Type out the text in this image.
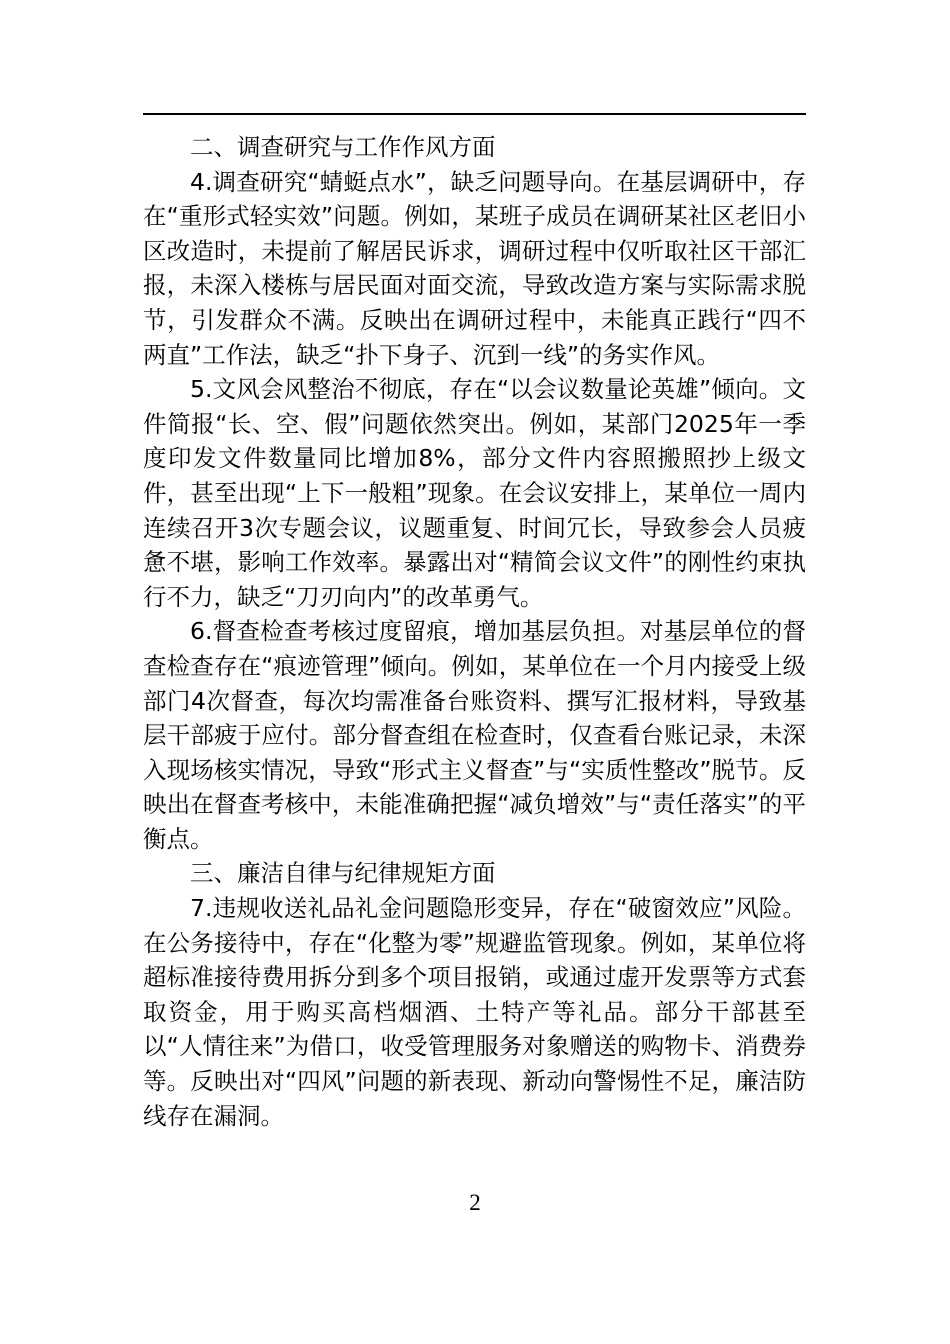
二、调查研究与工作作风方面

4.调查研究“蜻蜓点水”，缺乏问题导向。在基层调研中，存在“重形式轻实效”问题。例如，某班子成员在调研某社区老旧小区改造时，未提前了解居民诉求，调研过程中仅听取社区干部汇报，未深入楼栋与居民面对面交流，导致改造方案与实际需求脱节，引发群众不满。反映出在调研过程中，未能真正践行“四不两直”工作法，缺乏“扑下身子、沉到一线”的务实作风。

5.文风会风整治不彻底，存在“以会议数量论英雄”倾向。文件简报“长、空、假”问题依然突出。例如，某部门2025年一季度印发文件数量同比增加8%，部分文件内容照搬照抄上级文件，甚至出现“上下一般粗”现象。在会议安排上，某单位一周内连续召开3次专题会议，议题重复、时间冗长，导致参会人员疲惫不堪，影响工作效率。暴露出对“精简会议文件”的刚性约束执行不力，缺乏“刀刃向内”的改革勇气。

6.督查检查考核过度留痕，增加基层负担。对基层单位的督查检查存在“痕迹管理”倾向。例如，某单位在一个月内接受上级部门4次督查，每次均需准备台账资料、撰写汇报材料，导致基层干部疲于应付。部分督查组在检查时，仅查看台账记录，未深入现场核实情况，导致“形式主义督查”与“实质性整改”脱节。反映出在督查考核中，未能准确把握“减负增效”与“责任落实”的平衡点。

三、廉洁自律与纪律规矩方面

7.违规收送礼品礼金问题隐形变异，存在“破窗效应”风险。在公务接待中，存在“化整为零”规避监管现象。例如，某单位将超标准接待费用拆分到多个项目报销，或通过虚开发票等方式套取资金，用于购买高档烟酒、土特产等礼品。部分干部甚至以“人情往来”为借口，收受管理服务对象赠送的购物卡、消费券等。反映出对“四风”问题的新表现、新动向警惕性不足，廉洁防线存在漏洞。

2
